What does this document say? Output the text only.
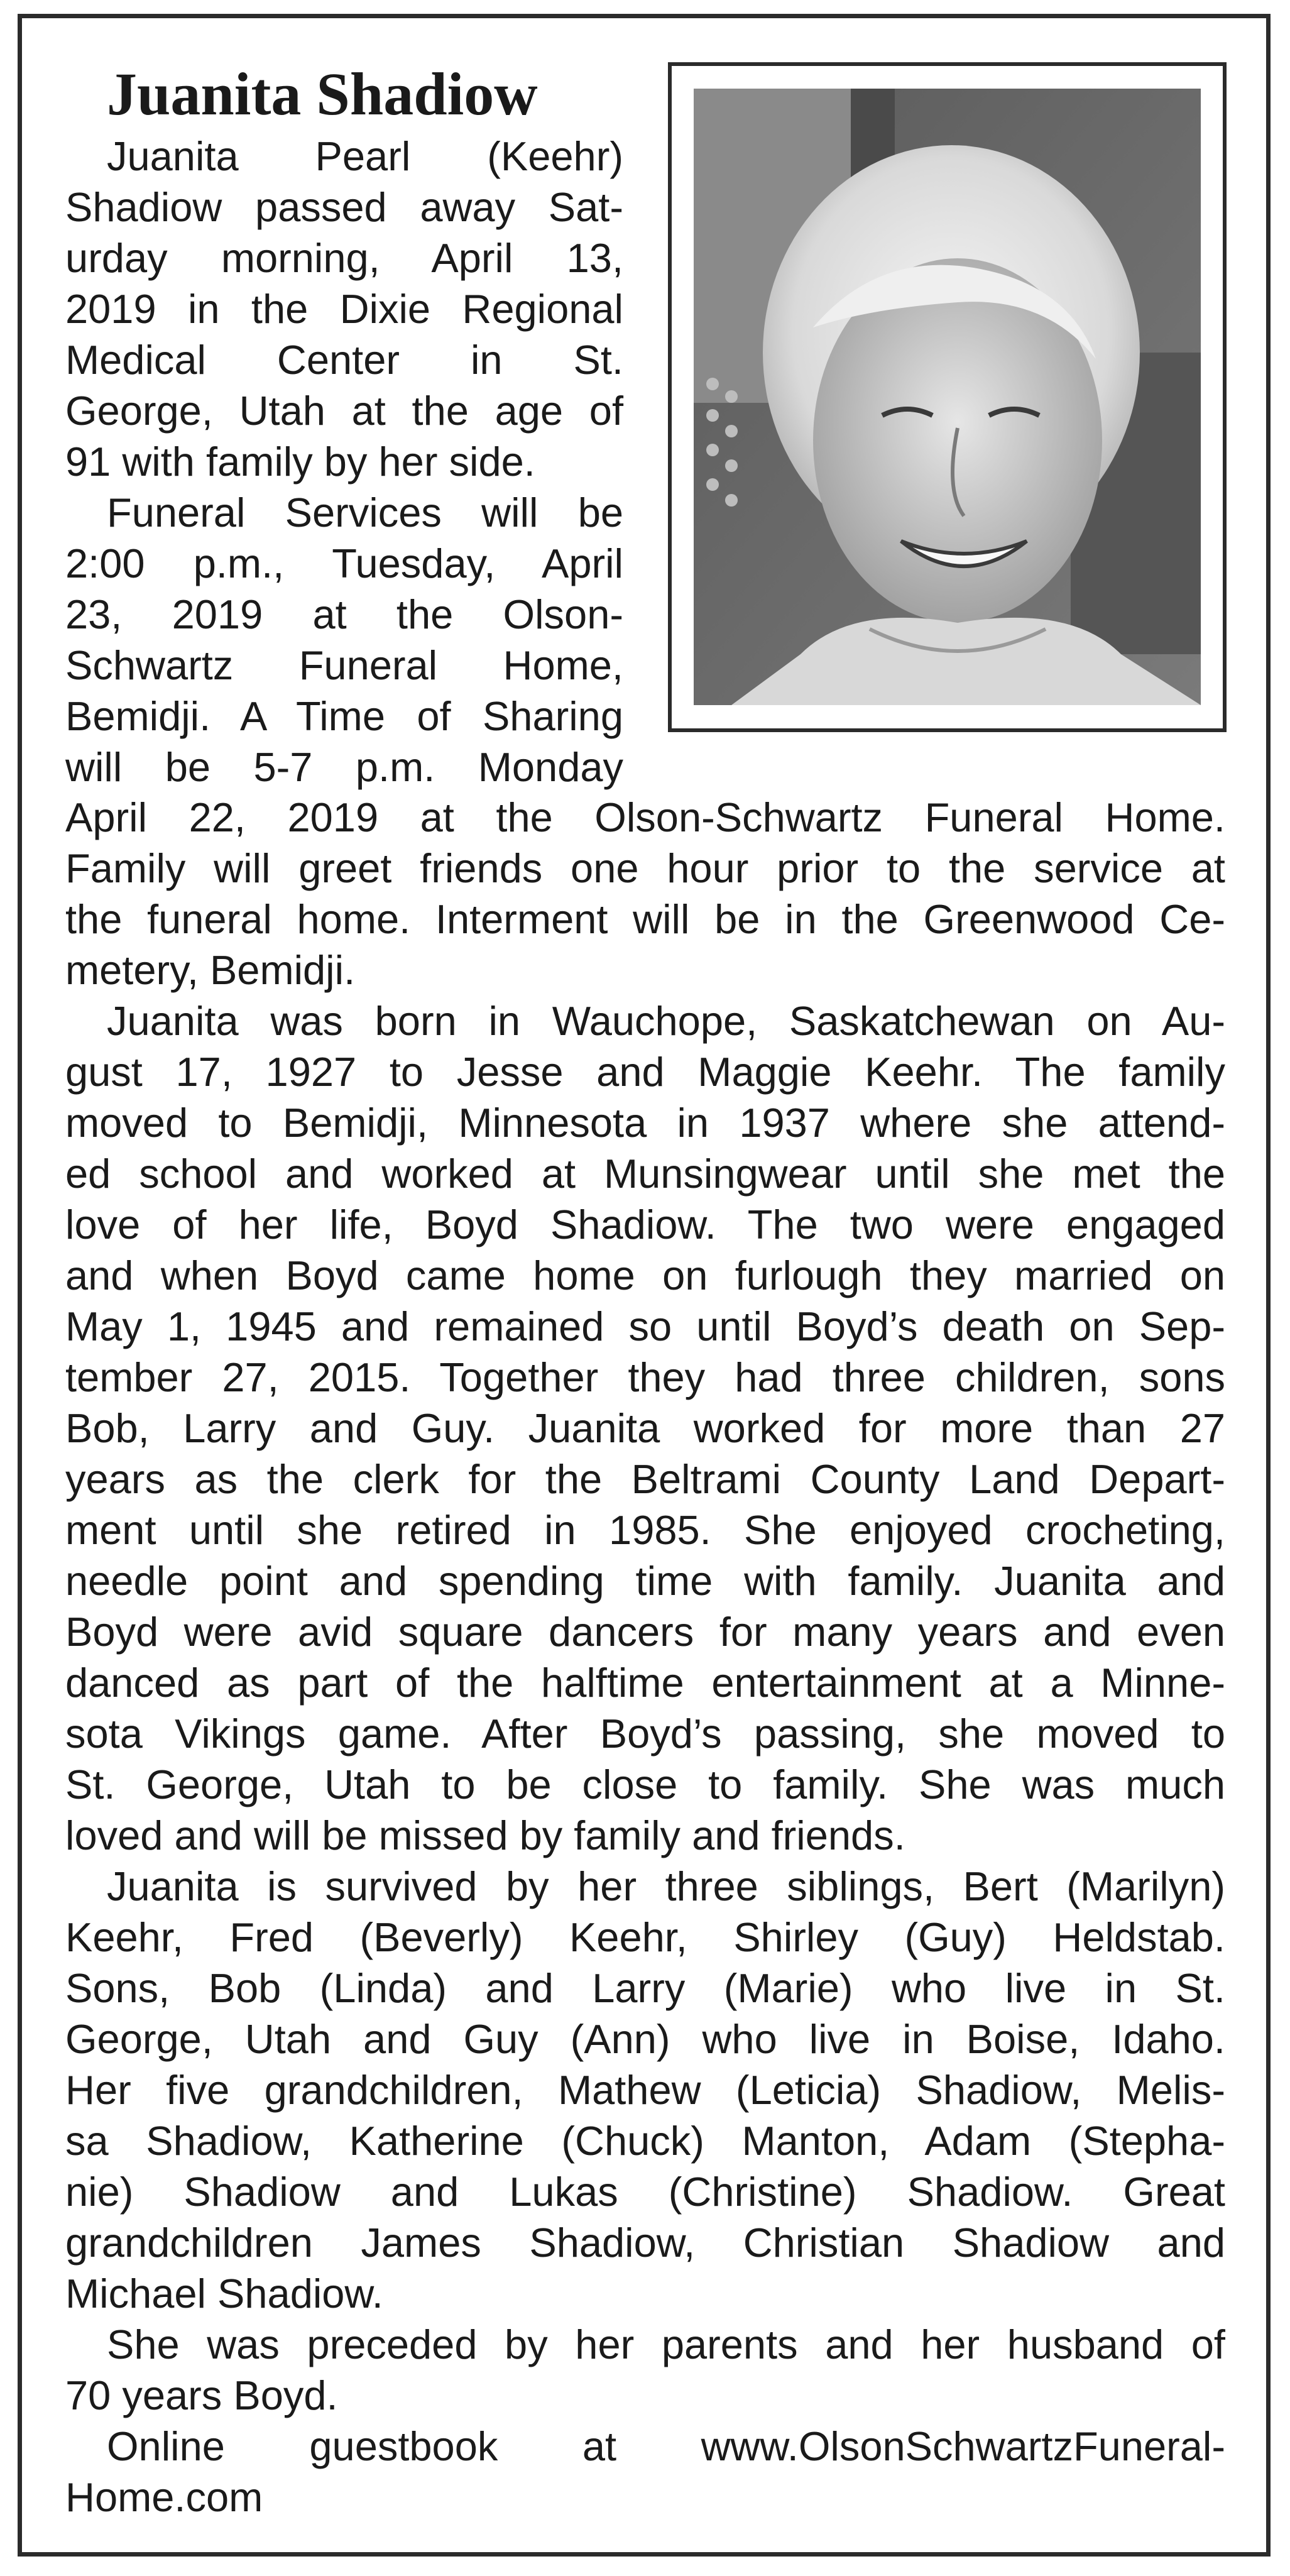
Juanita Shadiow

Juanita Pearl (Keehr)
Shadiow passed away Sat-
urday morning, April 13,
2019 in the Dixie Regional
Medical Center in St.
George, Utah at the age of
91 with family by her side.

Funeral Services will be
2:00 p.m., Tuesday, April
23, 2019 at the Olson-
Schwartz Funeral Home,
Bemidji. A Time of Sharing
will be 5-7 p.m. Monday

April 22, 2019 at the Olson-Schwartz Funeral Home.
Family will greet friends one hour prior to the service at
the funeral home. Interment will be in the Greenwood Ce-
metery, Bemidji.

Juanita was born in Wauchope, Saskatchewan on Au-
gust 17, 1927 to Jesse and Maggie Keehr. The family
moved to Bemidji, Minnesota in 1937 where she attend-
ed school and worked at Munsingwear until she met the
love of her life, Boyd Shadiow. The two were engaged
and when Boyd came home on furlough they married on
May 1, 1945 and remained so until Boyd’s death on Sep-
tember 27, 2015. Together they had three children, sons
Bob, Larry and Guy. Juanita worked for more than 27
years as the clerk for the Beltrami County Land Depart-
ment until she retired in 1985. She enjoyed crocheting,
needle point and spending time with family. Juanita and
Boyd were avid square dancers for many years and even
danced as part of the halftime entertainment at a Minne-
sota Vikings game. After Boyd’s passing, she moved to
St. George, Utah to be close to family. She was much
loved and will be missed by family and friends.

Juanita is survived by her three siblings, Bert (Marilyn)
Keehr, Fred (Beverly) Keehr, Shirley (Guy) Heldstab.
Sons, Bob (Linda) and Larry (Marie) who live in St.
George, Utah and Guy (Ann) who live in Boise, Idaho.
Her five grandchildren, Mathew (Leticia) Shadiow, Melis-
sa Shadiow, Katherine (Chuck) Manton, Adam (Stepha-
nie) Shadiow and Lukas (Christine) Shadiow. Great
grandchildren James Shadiow, Christian Shadiow and
Michael Shadiow.

She was preceded by her parents and her husband of
70 years Boyd.

Online guestbook at www.OlsonSchwartzFuneral-
Home.com
